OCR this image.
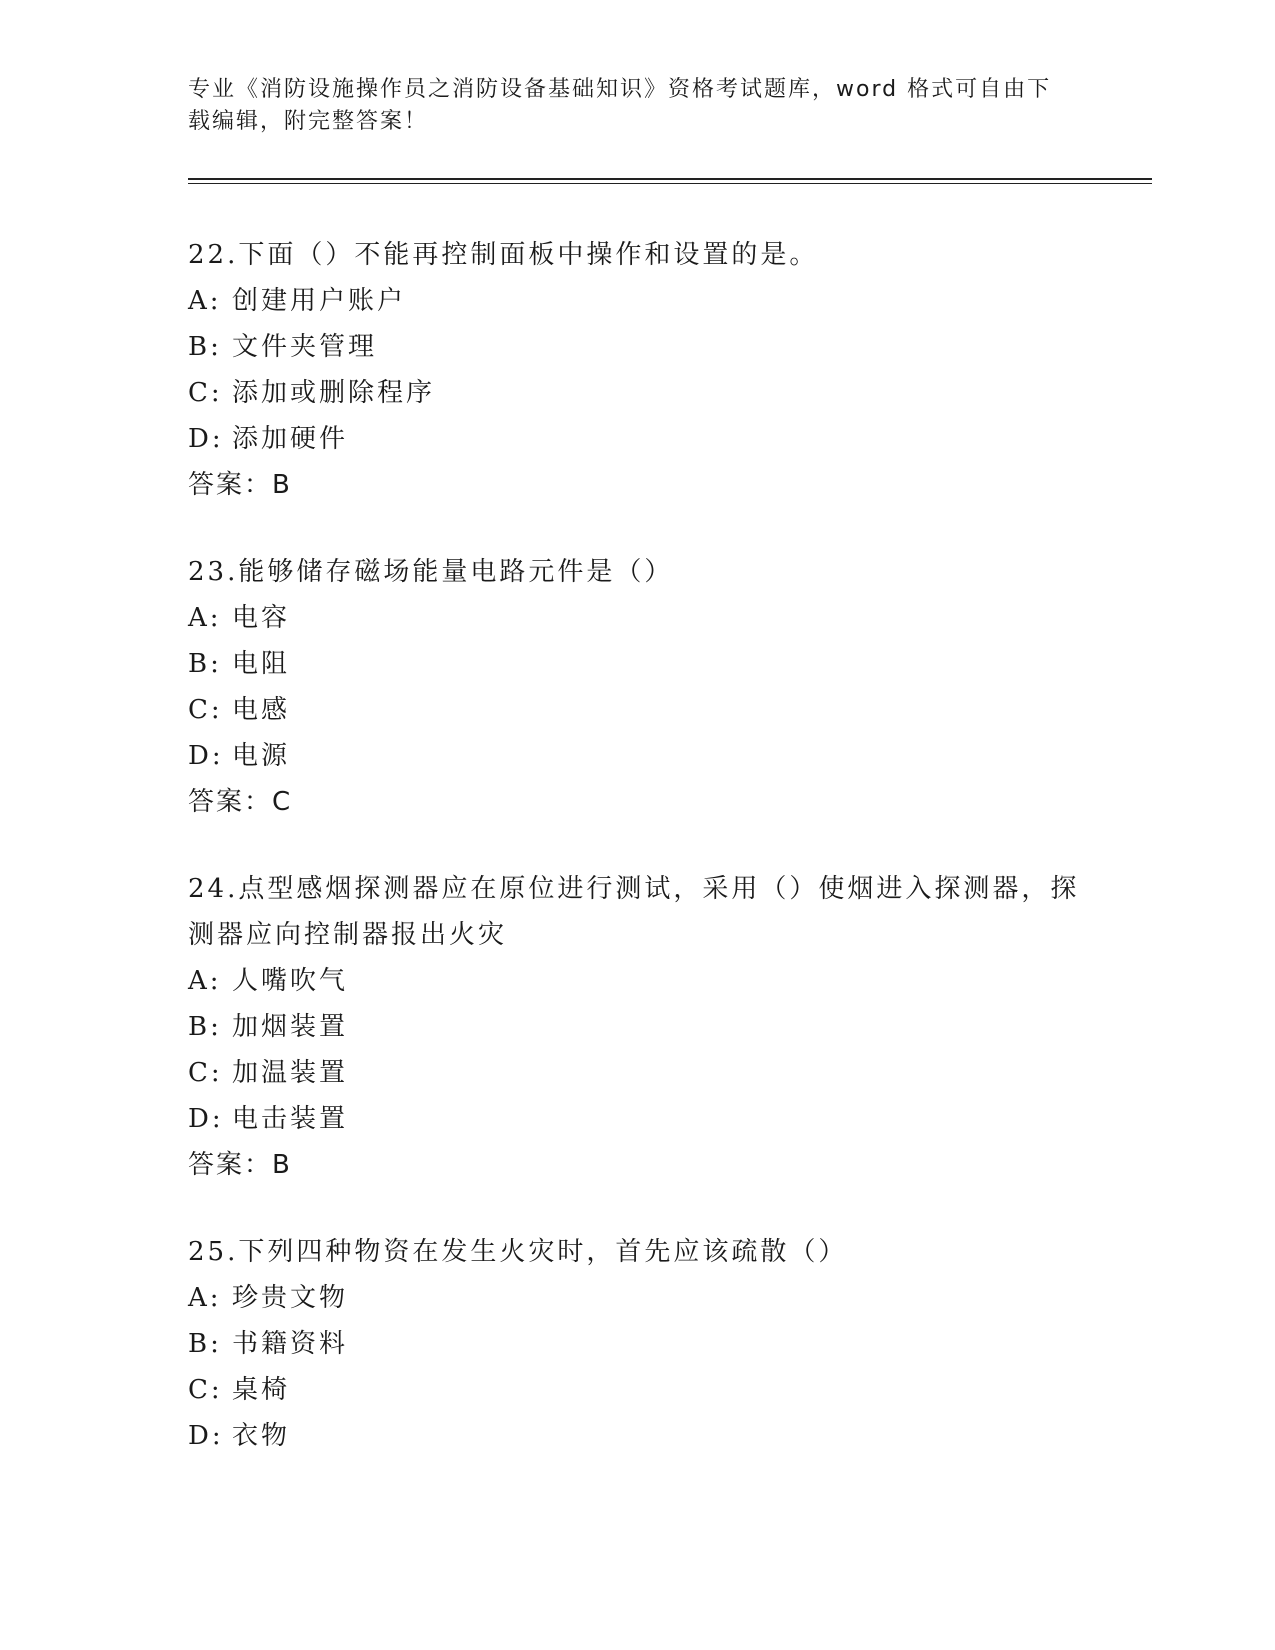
专业《消防设施操作员之消防设备基础知识》资格考试题库，word 格式可自由下
载编辑，附完整答案！

22.下面（）不能再控制面板中操作和设置的是。

A: 创建用户账户

B: 文件夹管理

C: 添加或删除程序

D: 添加硬件

答案：B

23.能够储存磁场能量电路元件是（）

A: 电容

B: 电阻

C: 电感

D: 电源

答案：C

24.点型感烟探测器应在原位进行测试，采用（）使烟进入探测器，探
测器应向控制器报出火灾

A: 人嘴吹气

B: 加烟装置

C: 加温装置

D: 电击装置

答案：B

25.下列四种物资在发生火灾时，首先应该疏散（）

A: 珍贵文物

B: 书籍资料

C: 桌椅

D: 衣物
